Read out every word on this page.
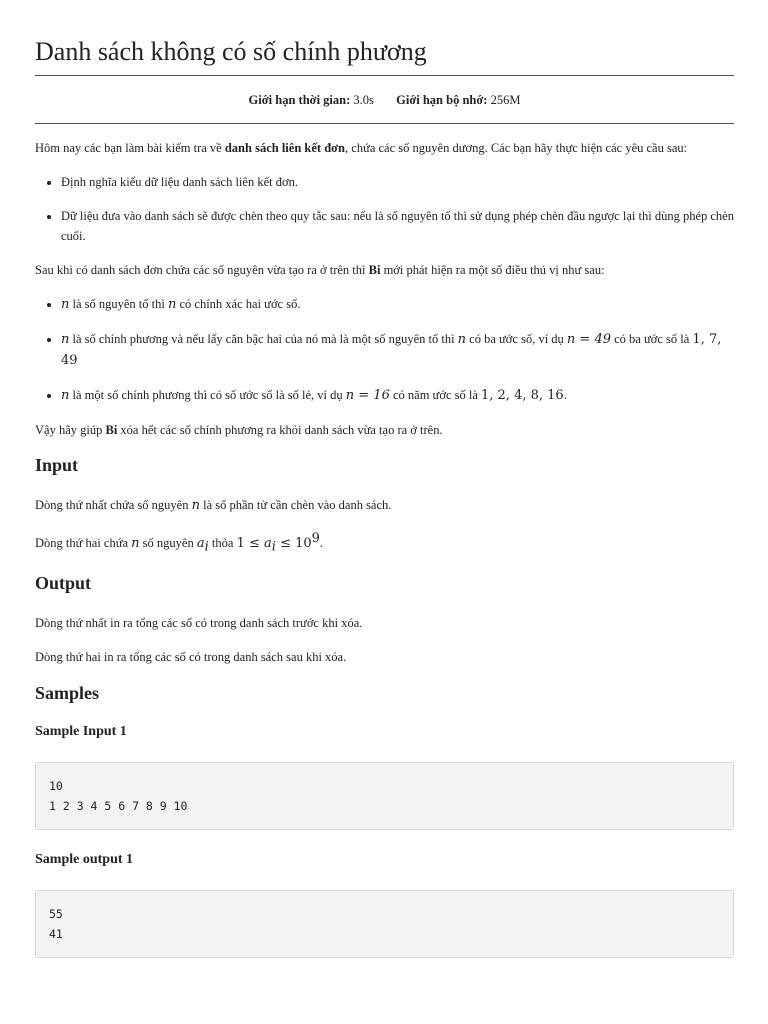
Danh sách không có số chính phương
Giới hạn thời gian: 3.0s Giới hạn bộ nhớ: 256M

Hôm nay các bạn làm bài kiểm tra về danh sách liên kết đơn, chứa các số nguyên dương. Các bạn hãy thực hiện các yêu cầu sau:

• Định nghĩa kiểu dữ liệu danh sách liên kết đơn.
• Dữ liệu đưa vào danh sách sẽ được chèn theo quy tắc sau: nếu là số nguyên tố thì sử dụng phép chèn đầu ngược lại thì dùng phép chèn cuối.

Sau khi có danh sách đơn chứa các số nguyên vừa tạo ra ở trên thì Bi mới phát hiện ra một số điều thú vị như sau:

• n là số nguyên tố thì n có chính xác hai ước số.
• n là số chính phương và nếu lấy căn bậc hai của nó mà là một số nguyên tố thì n có ba ước số, ví dụ n = 49 có ba ước số là 1, 7, 49
• n là một số chính phương thì có số ước số là số lẻ, ví dụ n = 16 có năm ước số là 1, 2, 4, 8, 16.

Vậy hãy giúp Bi xóa hết các số chính phương ra khỏi danh sách vừa tạo ra ở trên.

Input

Dòng thứ nhất chứa số nguyên n là số phần tử cần chèn vào danh sách.

Dòng thứ hai chứa n số nguyên $a_i$ thỏa $1 \le a_i \le 10^9$.

Output

Dòng thứ nhất in ra tổng các số có trong danh sách trước khi xóa.

Dòng thứ hai in ra tổng các số có trong danh sách sau khi xóa.

Samples
Sample Input 1
10
1 2 3 4 5 6 7 8 9 10
Sample output 1
55
41
